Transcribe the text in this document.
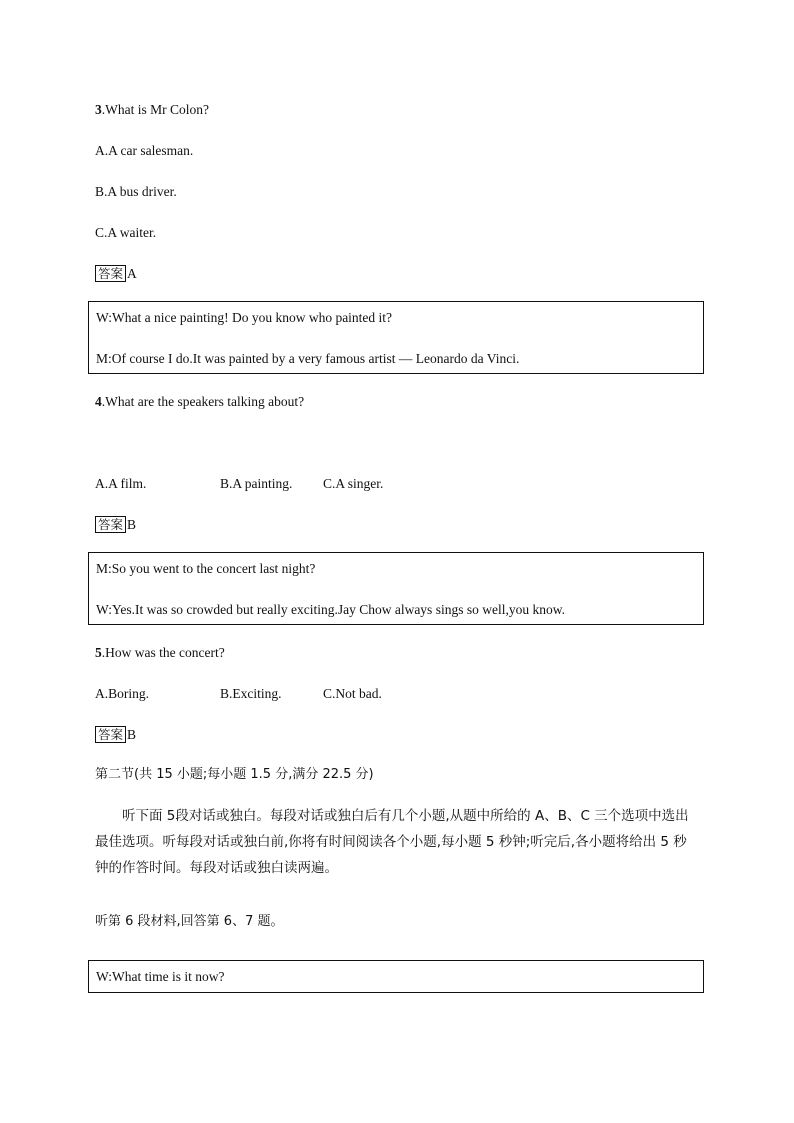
3.What is Mr Colon?
A.A car salesman.
B.A bus driver.
C.A waiter.
答案 A
W:What a nice painting! Do you know who painted it?
M:Of course I do.It was painted by a very famous artist — Leonardo da Vinci.
4.What are the speakers talking about?
A.A film.	B.A painting. C.A singer.
答案 B
M:So you went to the concert last night?
W:Yes.It was so crowded but really exciting.Jay Chow always sings so well,you know.
5.How was the concert?
A.Boring.	B.Exciting.	C.Not bad.
答案 B
第二节(共 15 小题;每小题 1.5 分,满分 22.5 分)
听下面 5段对话或独白。每段对话或独白后有几个小题,从题中所给的 A、B、C 三个选项中选出最佳选项。听每段对话或独白前,你将有时间阅读各个小题,每小题 5 秒钟;听完后,各小题将给出 5 秒钟的作答时间。每段对话或独白读两遍。
听第 6 段材料,回答第 6、7 题。
W:What time is it now?
